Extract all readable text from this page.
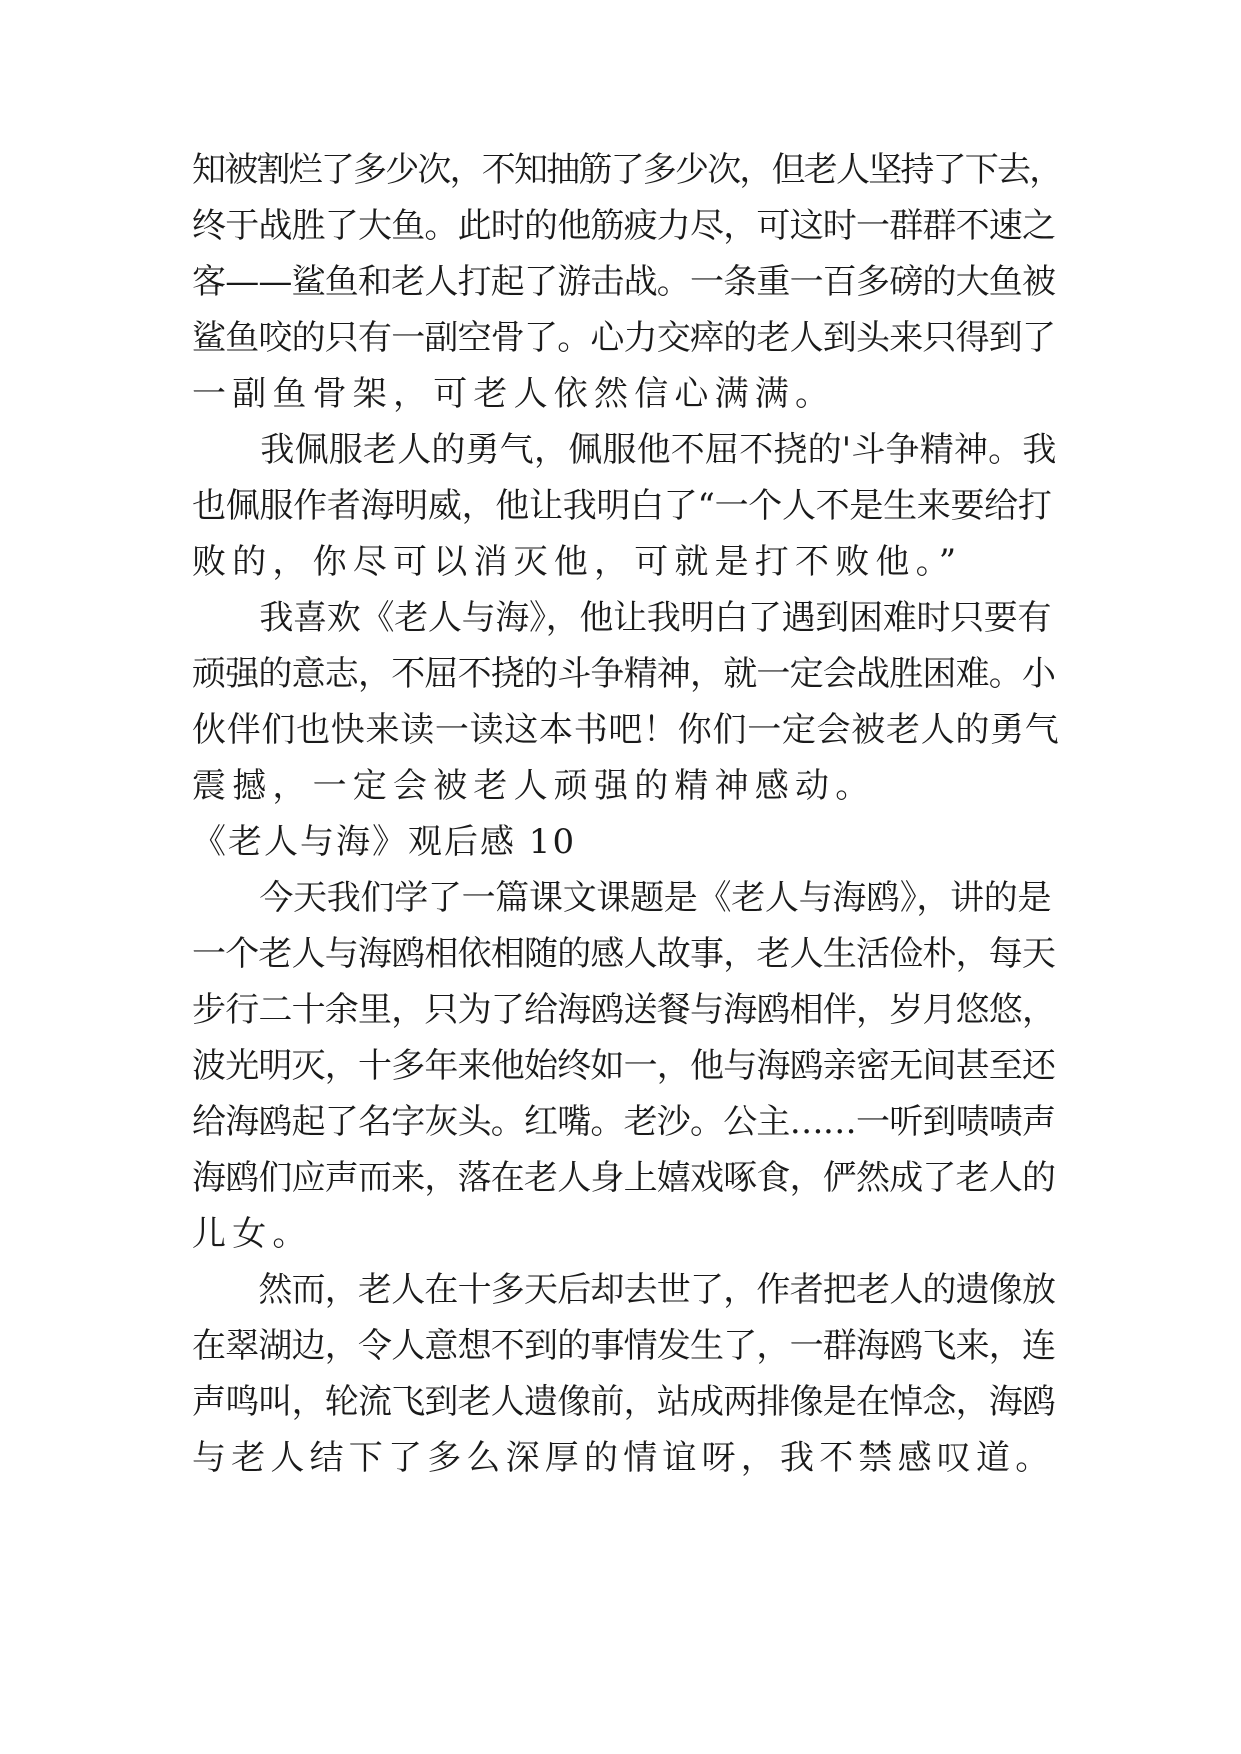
知被割烂了多少次，不知抽筋了多少次，但老人坚持了下去，
终于战胜了大鱼。此时的他筋疲力尽，可这时一群群不速之
客——鲨鱼和老人打起了游击战。一条重一百多磅的大鱼被
鲨鱼咬的只有一副空骨了。心力交瘁的老人到头来只得到了
一副鱼骨架，可老人依然信心满满。
　　我佩服老人的勇气，佩服他不屈不挠的'斗争精神。我
也佩服作者海明威，他让我明白了“一个人不是生来要给打
败的，你尽可以消灭他，可就是打不败他。”
　　我喜欢《老人与海》，他让我明白了遇到困难时只要有
顽强的意志，不屈不挠的斗争精神，就一定会战胜困难。小
伙伴们也快来读一读这本书吧！你们一定会被老人的勇气
震撼，一定会被老人顽强的精神感动。
《老人与海》观后感 10
　　今天我们学了一篇课文课题是《老人与海鸥》，讲的是
一个老人与海鸥相依相随的感人故事，老人生活俭朴，每天
步行二十余里，只为了给海鸥送餐与海鸥相伴，岁月悠悠，
波光明灭，十多年来他始终如一，他与海鸥亲密无间甚至还
给海鸥起了名字灰头。红嘴。老沙。公主……一听到啧啧声
海鸥们应声而来，落在老人身上嬉戏啄食，俨然成了老人的
儿女。
　　然而，老人在十多天后却去世了，作者把老人的遗像放
在翠湖边，令人意想不到的事情发生了，一群海鸥飞来，连
声鸣叫，轮流飞到老人遗像前，站成两排像是在悼念，海鸥
与老人结下了多么深厚的情谊呀，我不禁感叹道。
